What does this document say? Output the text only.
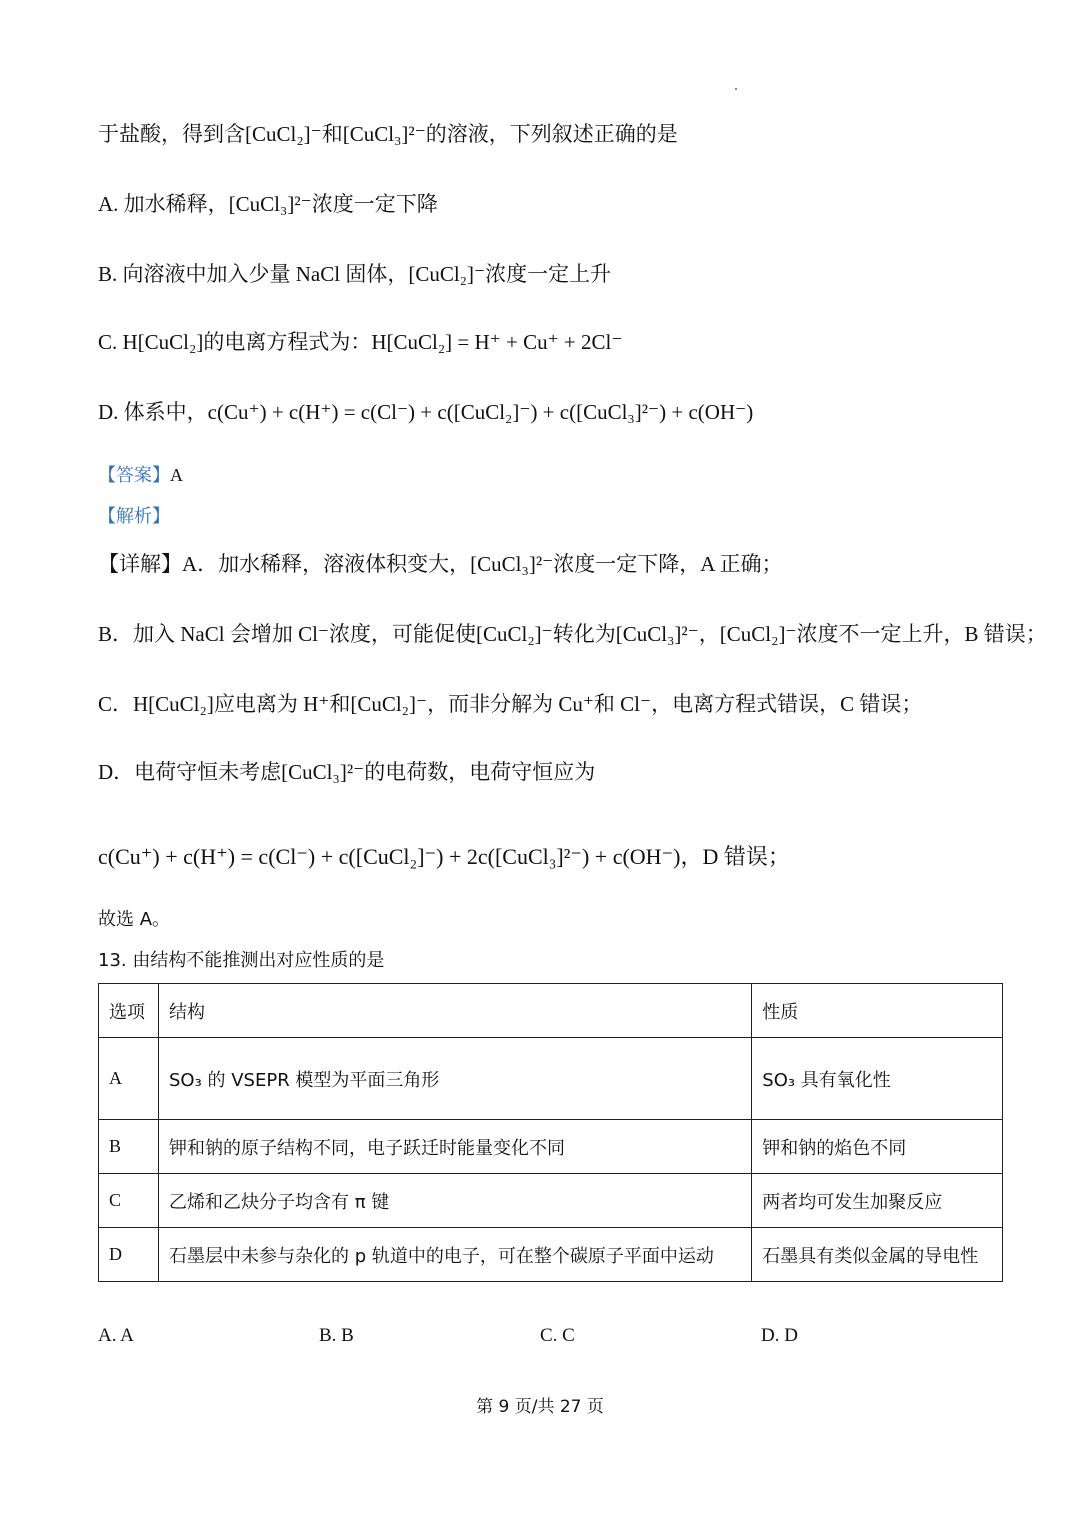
于盐酸，得到含[CuCl₂]⁻和[CuCl₃]²⁻的溶液，下列叙述正确的是
A. 加水稀释，[CuCl₃]²⁻浓度一定下降
B. 向溶液中加入少量 NaCl 固体，[CuCl₂]⁻浓度一定上升
C. H[CuCl₂]的电离方程式为：H[CuCl₂] = H⁺ + Cu⁺ + 2Cl⁻
D. 体系中，c(Cu⁺) + c(H⁺) = c(Cl⁻) + c([CuCl₂]⁻) + c([CuCl₃]²⁻) + c(OH⁻)
【答案】A
【解析】
【详解】A．加水稀释，溶液体积变大，[CuCl₃]²⁻浓度一定下降，A 正确；
B．加入 NaCl 会增加 Cl⁻浓度，可能促使[CuCl₂]⁻转化为[CuCl₃]²⁻，[CuCl₂]⁻浓度不一定上升，B 错误；
C．H[CuCl₂]应电离为 H⁺和[CuCl₂]⁻，而非分解为 Cu⁺和 Cl⁻，电离方程式错误，C 错误；
D．电荷守恒未考虑[CuCl₃]²⁻的电荷数，电荷守恒应为
c(Cu⁺) + c(H⁺) = c(Cl⁻) + c([CuCl₂]⁻) + 2c([CuCl₃]²⁻) + c(OH⁻)，D 错误；
故选 A。
13. 由结构不能推测出对应性质的是
选项	结构	性质
A	SO₃ 的 VSEPR 模型为平面三角形	SO₃ 具有氧化性
B	钾和钠的原子结构不同，电子跃迁时能量变化不同	钾和钠的焰色不同
C	乙烯和乙炔分子均含有 π 键	两者均可发生加聚反应
D	石墨层中未参与杂化的 p 轨道中的电子，可在整个碳原子平面中运动	石墨具有类似金属的导电性
A. A	B. B	C. C	D. D
第 9 页/共 27 页
